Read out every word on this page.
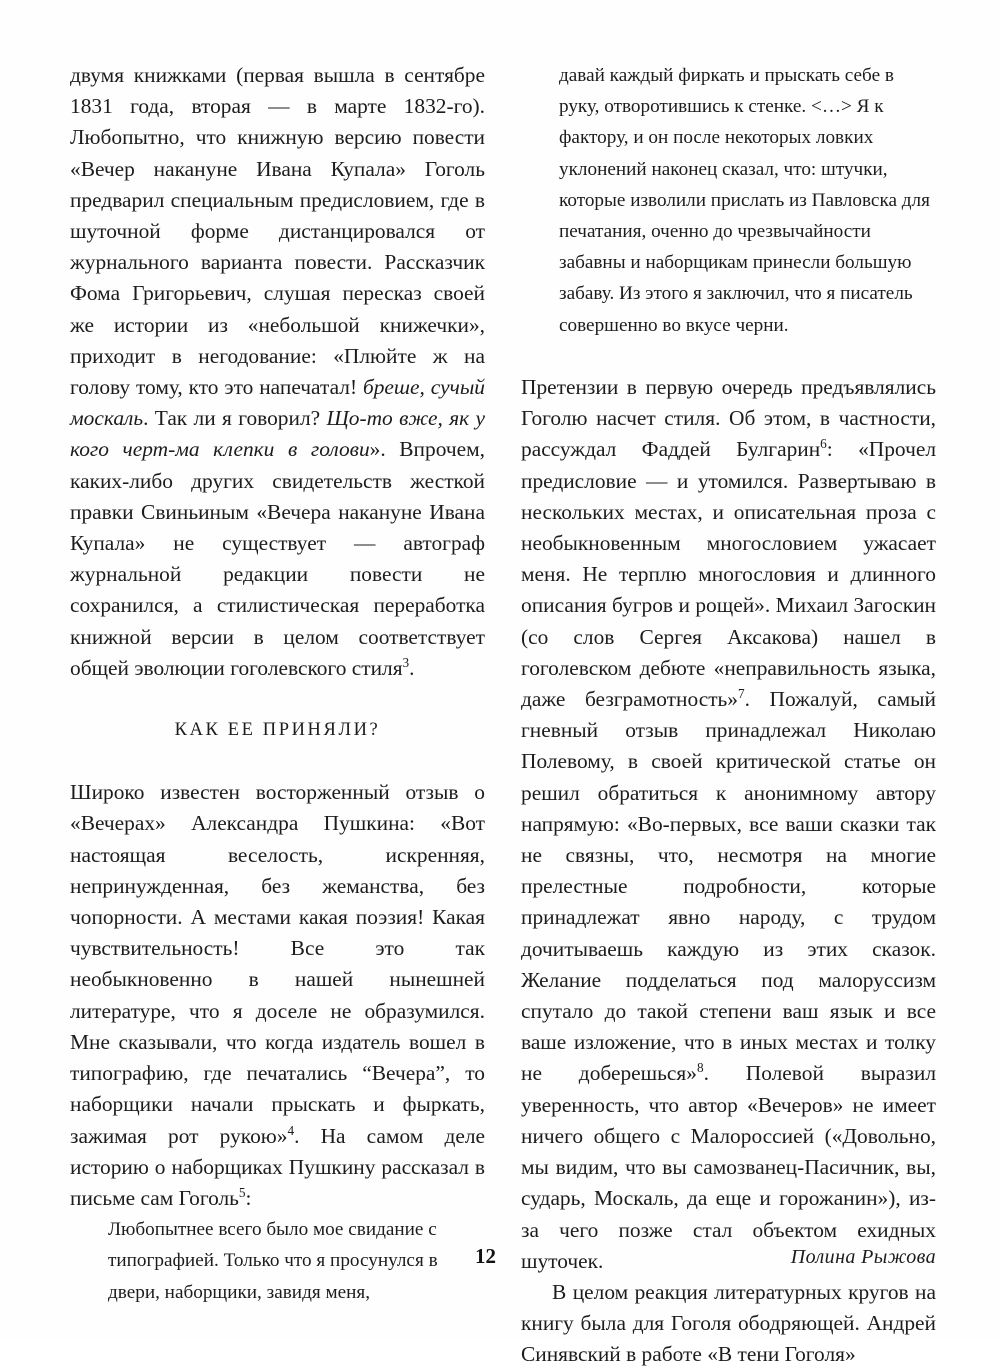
двумя книжками (первая вышла в сентябре 1831 года, вторая — в марте 1832-го). Любопытно, что книжную версию повести «Вечер накануне Ивана Купала» Гоголь предварил специальным предисловием, где в шуточной форме дистанцировался от журнального варианта повести. Рассказчик Фома Григорьевич, слушая пересказ своей же истории из «небольшой книжечки», приходит в негодование: «Плюйте ж на голову тому, кто это напечатал! бреше, сучый москаль. Так ли я говорил? Що-то вже, як у кого черт-ма клепки в голови». Впрочем, каких-либо других свидетельств жесткой правки Свиньиным «Вечера накануне Ивана Купала» не существует — автограф журнальной редакции повести не сохранился, а стилистическая переработка книжной версии в целом соответствует общей эволюции гоголевского стиля$^3$.

КАК ЕЕ ПРИНЯЛИ?

Широко известен восторженный отзыв о «Вечерах» Александра Пушкина: «Вот настоящая веселость, искренняя, непринужденная, без жеманства, без чопорности. А местами какая поэзия! Какая чувствительность! Все это так необыкновенно в нашей нынешней литературе, что я доселе не образумился. Мне сказывали, что когда издатель вошел в типографию, где печатались “Вечера”, то наборщики начали прыскать и фыркать, зажимая рот рукою»$^4$. На самом деле историю о наборщиках Пушкину рассказал в письме сам Гоголь$^5$:

Любопытнее всего было мое свидание с типографией. Только что я просунулся в двери, наборщики, завидя меня,

давай каждый фиркать и прыскать себе в руку, отворотившись к стенке. <…> Я к фактору, и он после некоторых ловких уклонений наконец сказал, что: штучки, которые изволили прислать из Павловска для печатания, оченно до чрезвычайности забавны и наборщикам принесли большую забаву. Из этого я заключил, что я писатель совершенно во вкусе черни.

Претензии в первую очередь предъявлялись Гоголю насчет стиля. Об этом, в частности, рассуждал Фаддей Булгарин$^6$: «Прочел предисловие — и утомился. Развертываю в нескольких местах, и описательная проза с необыкновенным многословием ужасает меня. Не терплю многословия и длинного описания бугров и рощей». Михаил Загоскин (со слов Сергея Аксакова) нашел в гоголевском дебюте «неправильность языка, даже безграмотность»$^7$. Пожалуй, самый гневный отзыв принадлежал Николаю Полевому, в своей критической статье он решил обратиться к анонимному автору напрямую: «Во-первых, все ваши сказки так не связны, что, несмотря на многие прелестные подробности, которые принадлежат явно народу, с трудом дочитываешь каждую из этих сказок. Желание подделаться под малоруссизм спутало до такой степени ваш язык и все ваше изложение, что в иных местах и толку не доберешься»$^8$. Полевой выразил уверенность, что автор «Вечеров» не имеет ничего общего с Малороссией («Довольно, мы видим, что вы самозванец-Пасичник, вы, сударь, Москаль, да еще и горожанин»), из-за чего позже стал объектом ехидных шуточек.

В целом реакция литературных кругов на книгу была для Гоголя ободряющей. Андрей Синявский в работе «В тени Гоголя»

12	Полина Рыжова
